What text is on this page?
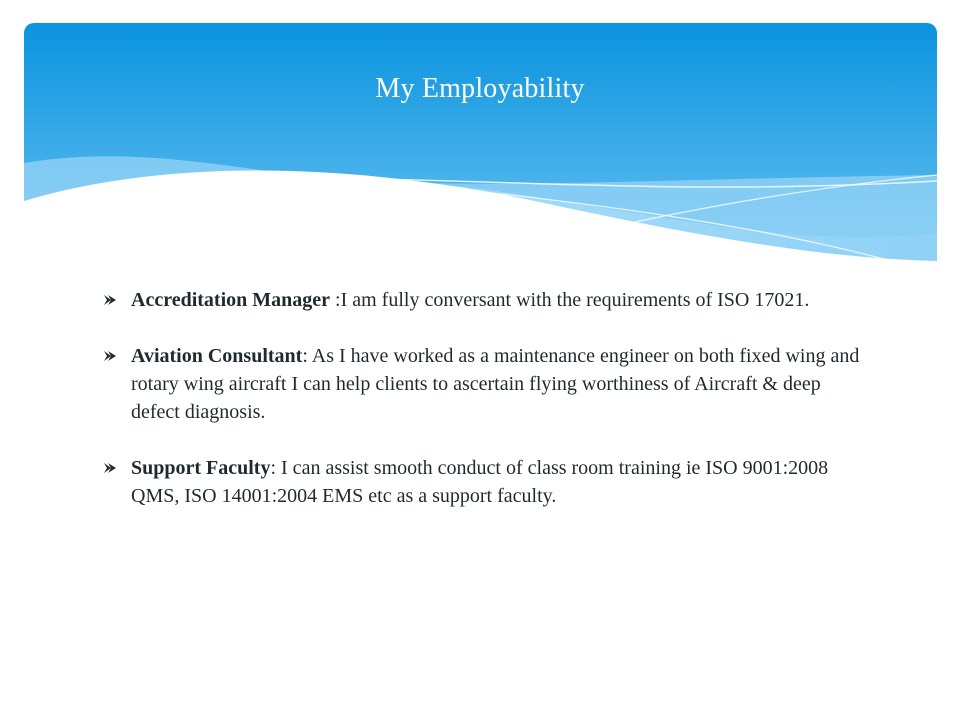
My Employability
Accreditation Manager :I am fully conversant with the requirements of ISO 17021.
Aviation Consultant: As I have worked as a maintenance engineer on both fixed wing and rotary wing aircraft I can help clients to ascertain flying worthiness of Aircraft & deep defect diagnosis.
Support Faculty: I can assist smooth conduct of class room training ie ISO 9001:2008 QMS, ISO 14001:2004 EMS etc as a support faculty.
